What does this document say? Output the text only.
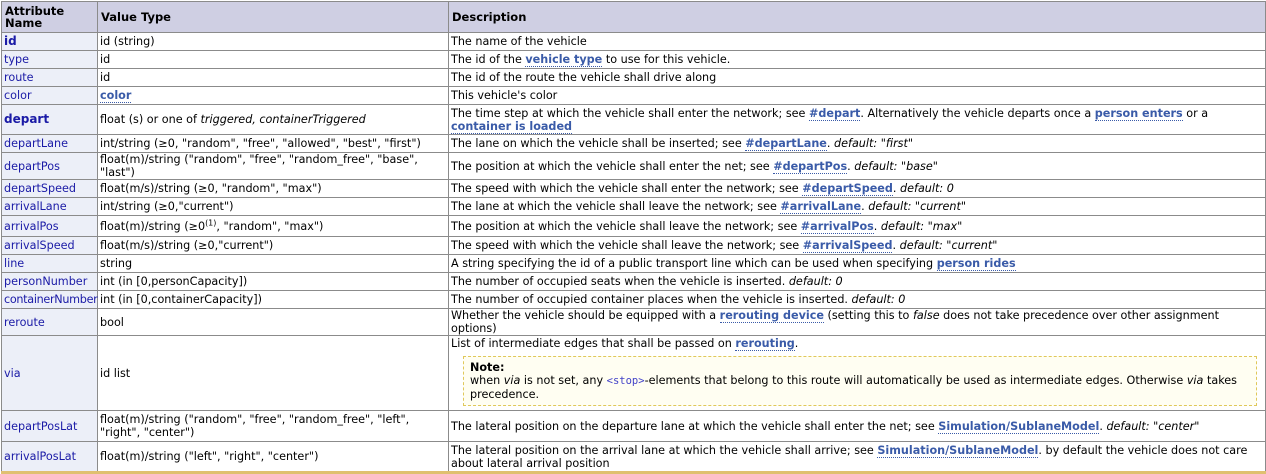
Attribute Name	Value Type	Description
id	id (string)	The name of the vehicle
type	id	The id of the vehicle type to use for this vehicle.
route	id	The id of the route the vehicle shall drive along
color	color	This vehicle's color
depart	float (s) or one of triggered, containerTriggered	The time step at which the vehicle shall enter the network; see #depart. Alternatively the vehicle departs once a person enters or a container is loaded
departLane	int/string (≥0, "random", "free", "allowed", "best", "first")	The lane on which the vehicle shall be inserted; see #departLane. default: "first"
departPos	float(m)/string ("random", "free", "random_free", "base", "last")	The position at which the vehicle shall enter the net; see #departPos. default: "base"
departSpeed	float(m/s)/string (≥0, "random", "max")	The speed with which the vehicle shall enter the network; see #departSpeed. default: 0
arrivalLane	int/string (≥0,"current")	The lane at which the vehicle shall leave the network; see #arrivalLane. default: "current"
arrivalPos	float(m)/string ($\ge 0^{(1)}$, "random", "max")	The position at which the vehicle shall leave the network; see #arrivalPos. default: "max"
arrivalSpeed	float(m/s)/string (≥0,"current")	The speed with which the vehicle shall leave the network; see #arrivalSpeed. default: "current"
line	string	A string specifying the id of a public transport line which can be used when specifying person rides
personNumber	int (in [0,personCapacity])	The number of occupied seats when the vehicle is inserted. default: 0
containerNumber	int (in [0,containerCapacity])	The number of occupied container places when the vehicle is inserted. default: 0
reroute	bool	Whether the vehicle should be equipped with a rerouting device (setting this to false does not take precedence over other assignment options)
via	id list	List of intermediate edges that shall be passed on rerouting.
Note:
when via is not set, any <stop>-elements that belong to this route will automatically be used as intermediate edges. Otherwise via takes precedence.

departPosLat	float(m)/string ("random", "free", "random_free", "left", "right", "center")	The lateral position on the departure lane at which the vehicle shall enter the net; see Simulation/SublaneModel. default: "center"
arrivalPosLat	float(m)/string ("left", "right", "center")	The lateral position on the arrival lane at which the vehicle shall arrive; see Simulation/SublaneModel. by default the vehicle does not care about lateral arrival position
